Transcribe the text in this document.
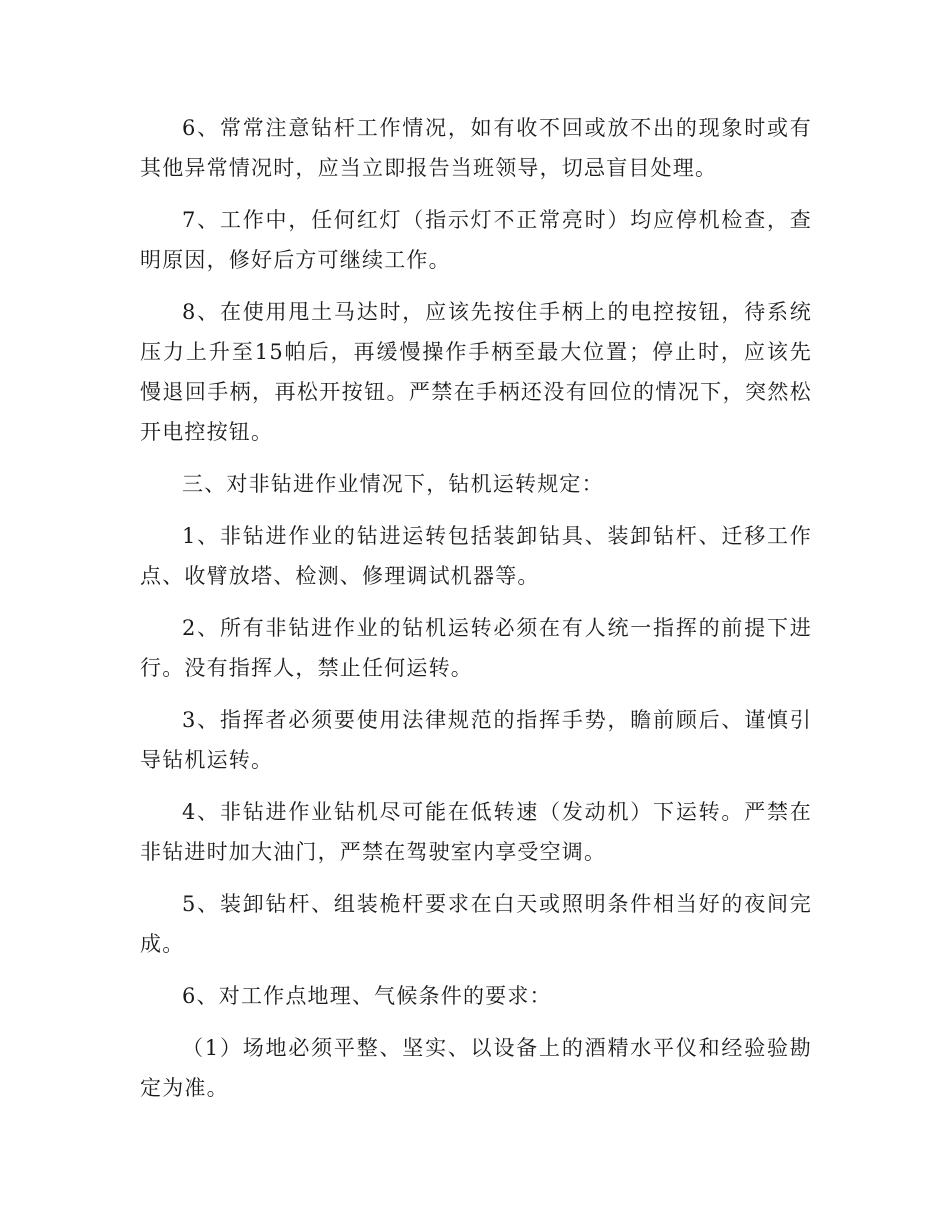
6、常常注意钻杆工作情况，如有收不回或放不出的现象时或有其他异常情况时，应当立即报告当班领导，切忌盲目处理。

7、工作中，任何红灯（指示灯不正常亮时）均应停机检查，查明原因，修好后方可继续工作。

8、在使用甩土马达时，应该先按住手柄上的电控按钮，待系统压力上升至15帕后，再缓慢操作手柄至最大位置；停止时，应该先慢退回手柄，再松开按钮。严禁在手柄还没有回位的情况下，突然松开电控按钮。

三、对非钻进作业情况下，钻机运转规定：

1、非钻进作业的钻进运转包括装卸钻具、装卸钻杆、迁移工作点、收臂放塔、检测、修理调试机器等。

2、所有非钻进作业的钻机运转必须在有人统一指挥的前提下进行。没有指挥人，禁止任何运转。

3、指挥者必须要使用法律规范的指挥手势，瞻前顾后、谨慎引导钻机运转。

4、非钻进作业钻机尽可能在低转速（发动机）下运转。严禁在非钻进时加大油门，严禁在驾驶室内享受空调。

5、装卸钻杆、组装桅杆要求在白天或照明条件相当好的夜间完成。

6、对工作点地理、气候条件的要求：

（1）场地必须平整、坚实、以设备上的酒精水平仪和经验验勘定为准。
